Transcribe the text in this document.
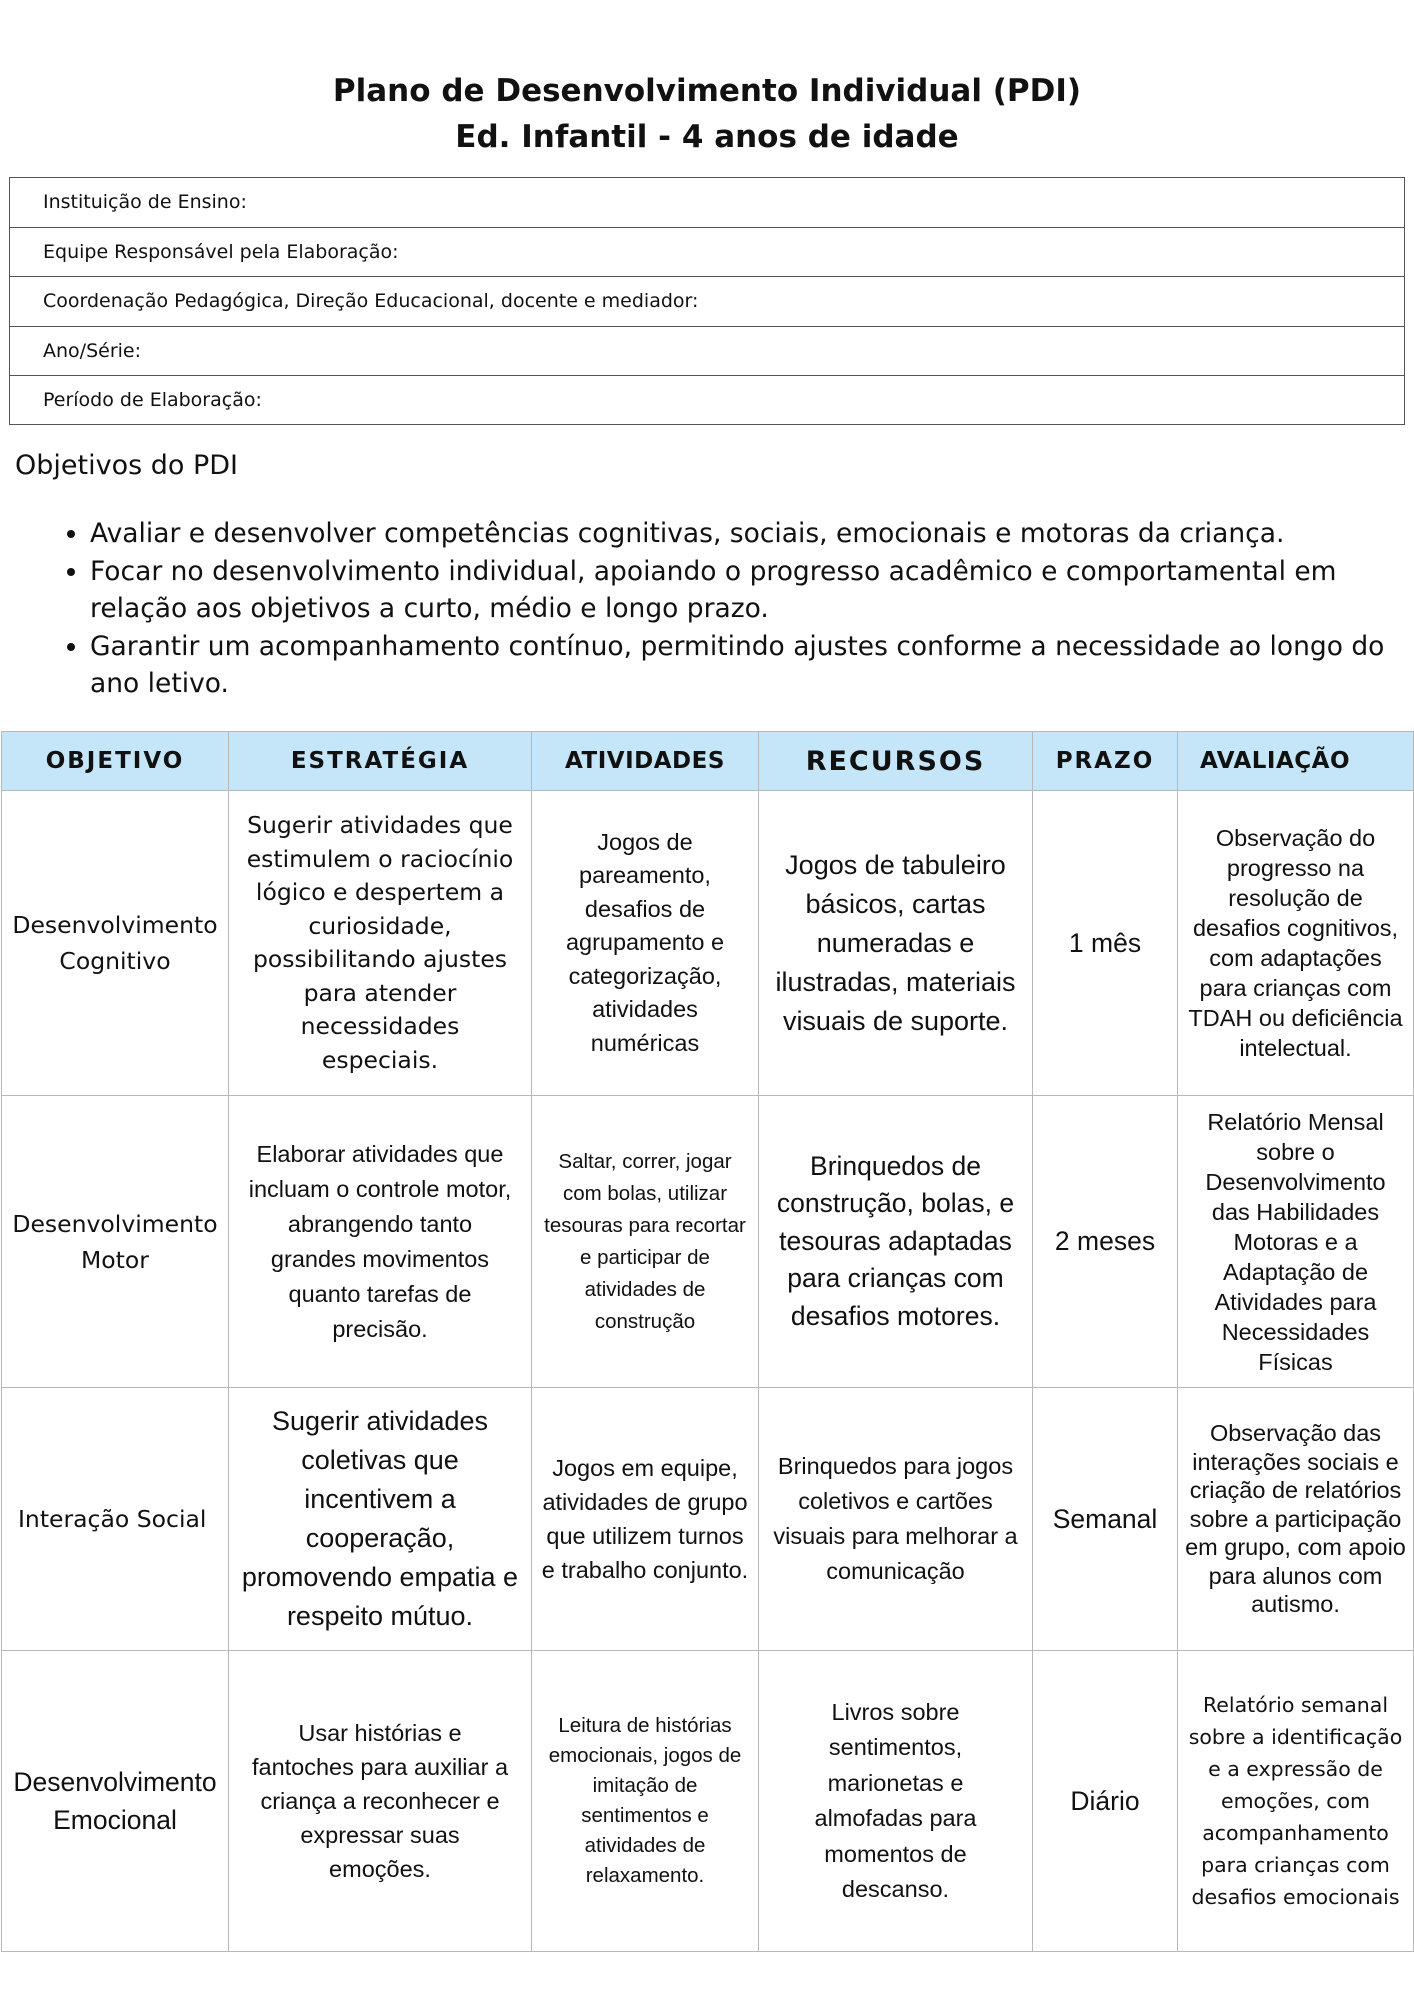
Plano de Desenvolvimento Individual (PDI)
Ed. Infantil - 4 anos de idade
Instituição de Ensino:
Equipe Responsável pela Elaboração:
Coordenação Pedagógica, Direção Educacional, docente e mediador:
Ano/Série:
Período de Elaboração:
Objetivos do PDI
• Avaliar e desenvolver competências cognitivas, sociais, emocionais e motoras da criança.
• Focar no desenvolvimento individual, apoiando o progresso acadêmico e comportamental em relação aos objetivos a curto, médio e longo prazo.
• Garantir um acompanhamento contínuo, permitindo ajustes conforme a necessidade ao longo do ano letivo.
OBJETIVO	ESTRATÉGIA	ATIVIDADES	RECURSOS	PRAZO	AVALIAÇÃO
Desenvolvimento Cognitivo	Sugerir atividades que estimulem o raciocínio lógico e despertem a curiosidade, possibilitando ajustes para atender necessidades especiais.	Jogos de pareamento, desafios de agrupamento e categorização, atividades numéricas	Jogos de tabuleiro básicos, cartas numeradas e ilustradas, materiais visuais de suporte.	1 mês	Observação do progresso na resolução de desafios cognitivos, com adaptações para crianças com TDAH ou deficiência intelectual.
Desenvolvimento Motor	Elaborar atividades que incluam o controle motor, abrangendo tanto grandes movimentos quanto tarefas de precisão.	Saltar, correr, jogar com bolas, utilizar tesouras para recortar e participar de atividades de construção	Brinquedos de construção, bolas, e tesouras adaptadas para crianças com desafios motores.	2 meses	Relatório Mensal sobre o Desenvolvimento das Habilidades Motoras e a Adaptação de Atividades para Necessidades Físicas
Interação Social	Sugerir atividades coletivas que incentivem a cooperação, promovendo empatia e respeito mútuo.	Jogos em equipe, atividades de grupo que utilizem turnos e trabalho conjunto.	Brinquedos para jogos coletivos e cartões visuais para melhorar a comunicação	Semanal	Observação das interações sociais e criação de relatórios sobre a participação em grupo, com apoio para alunos com autismo.
Desenvolvimento Emocional	Usar histórias e fantoches para auxiliar a criança a reconhecer e expressar suas emoções.	Leitura de histórias emocionais, jogos de imitação de sentimentos e atividades de relaxamento.	Livros sobre sentimentos, marionetas e almofadas para momentos de descanso.	Diário	Relatório semanal sobre a identificação e a expressão de emoções, com acompanhamento para crianças com desafios emocionais
